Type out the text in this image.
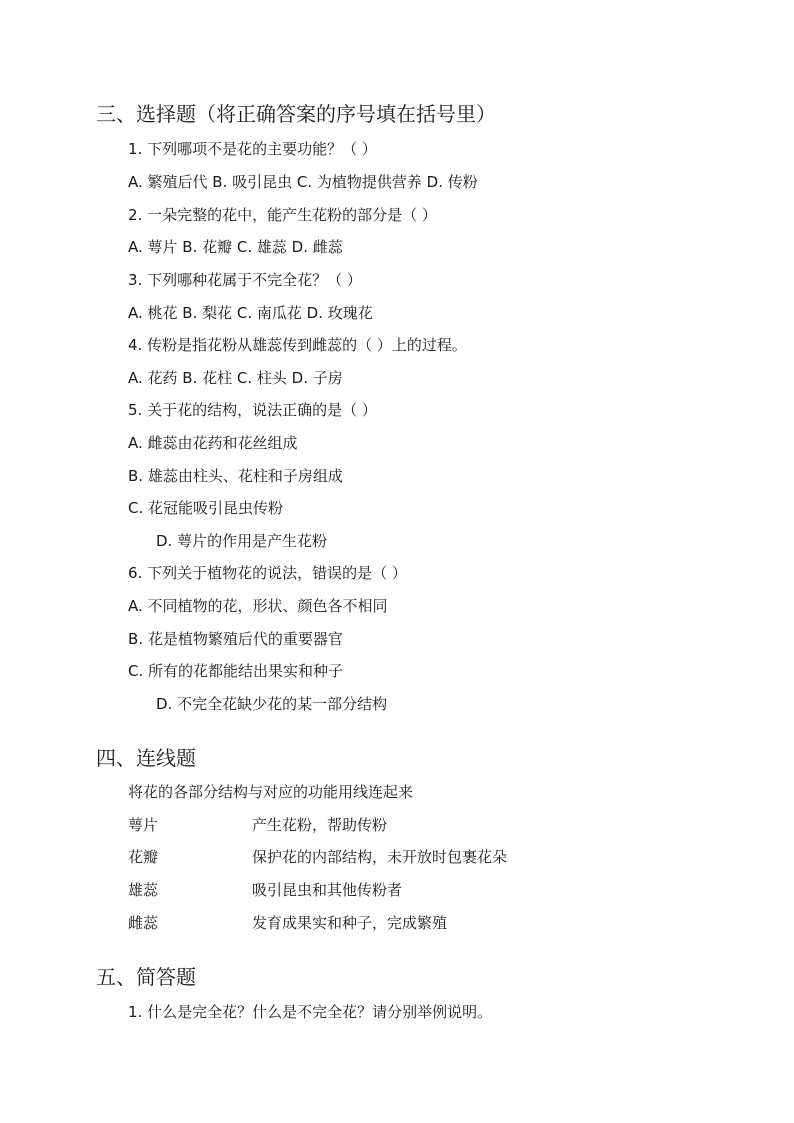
三、选择题（将正确答案的序号填在括号里）
1. 下列哪项不是花的主要功能？（ ）
A. 繁殖后代 B. 吸引昆虫 C. 为植物提供营养 D. 传粉
2. 一朵完整的花中，能产生花粉的部分是（ ）
A. 萼片 B. 花瓣 C. 雄蕊 D. 雌蕊
3. 下列哪种花属于不完全花？（ ）
A. 桃花 B. 梨花 C. 南瓜花 D. 玫瑰花
4. 传粉是指花粉从雄蕊传到雌蕊的（ ）上的过程。
A. 花药 B. 花柱 C. 柱头 D. 子房
5. 关于花的结构，说法正确的是（ ）
A. 雌蕊由花药和花丝组成
B. 雄蕊由柱头、花柱和子房组成
C. 花冠能吸引昆虫传粉
D. 萼片的作用是产生花粉
6. 下列关于植物花的说法，错误的是（ ）
A. 不同植物的花，形状、颜色各不相同
B. 花是植物繁殖后代的重要器官
C. 所有的花都能结出果实和种子
D. 不完全花缺少花的某一部分结构
四、连线题
将花的各部分结构与对应的功能用线连起来
萼片	产生花粉，帮助传粉
花瓣	保护花的内部结构，未开放时包裹花朵
雄蕊	吸引昆虫和其他传粉者
雌蕊	发育成果实和种子，完成繁殖
五、简答题
1. 什么是完全花？什么是不完全花？请分别举例说明。
